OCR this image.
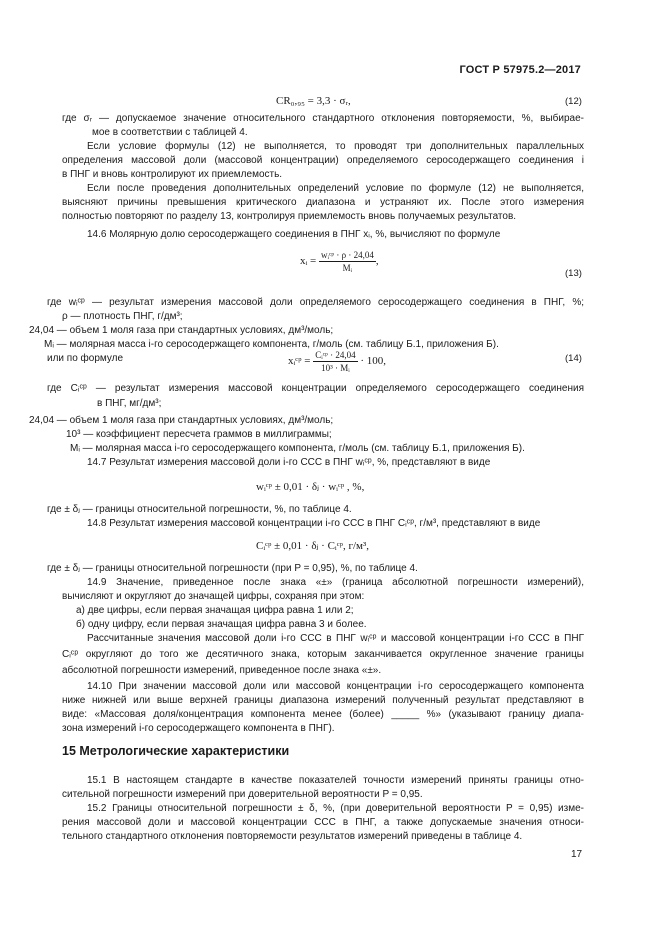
ГОСТ Р 57975.2—2017
CR₀,₉₅ = 3,3 · σᵣ,	(12)
где σᵣ — допускаемое значение относительного стандартного отклонения повторяемости, %, выбирае-
мое в соответствии с таблицей 4.
Если условие формулы (12) не выполняется, то проводят три дополнительных параллельных
определения массовой доли (массовой концентрации) определяемого серосодержащего соединения i
в ПНГ и вновь контролируют их приемлемость.
Если после проведения дополнительных определений условие по формуле (12) не выполняется,
выясняют причины превышения критического диапазона и устраняют их. После этого измерения
полностью повторяют по разделу 13, контролируя приемлемость вновь получаемых результатов.
14.6 Молярную долю серосодержащего соединения в ПНГ xᵢ, %, вычисляют по формуле
xᵢ = $\frac{\text{wᵢᶜᵖ · ρ · 24,04}}{\text{Mᵢ}}$ ,
(13)
где wᵢᶜᵖ — результат измерения массовой доли определяемого серосодержащего соединения в ПНГ, %;
ρ — плотность ПНГ, г/дм³;
24,04 — объем 1 моля газа при стандартных условиях, дм³/моль;
Mᵢ — молярная масса i-го серосодержащего компонента, г/моль (см. таблицу Б.1, приложения Б).
или по формуле	xᵢᶜᵖ = $\frac{\text{Cᵢᶜᵖ · 24,04}}{\text{10³ · Mᵢ}} \cdot 100$,	(14)
где Cᵢᶜᵖ — результат измерения массовой концентрации определяемого серосодержащего соединения
в ПНГ, мг/дм³;
24,04 — объем 1 моля газа при стандартных условиях, дм³/моль;
10³ — коэффициент пересчета граммов в миллиграммы;
Mᵢ — молярная масса i-го серосодержащего компонента, г/моль (см. таблицу Б.1, приложения Б).
14.7 Результат измерения массовой доли i-го ССС в ПНГ wᵢᶜᵖ, %, представляют в виде
wᵢᶜᵖ ± 0,01 · δⱼ · wᵢᶜᵖ , %,
где ± δⱼ — границы относительной погрешности, %, по таблице 4.
14.8 Результат измерения массовой концентрации i-го ССС в ПНГ Cᵢᶜᵖ, г/м³, представляют в виде
Cᵢᶜᵖ ± 0,01 · δⱼ · Cᵢᶜᵖ, г/м³,
где ± δⱼ — границы относительной погрешности (при P = 0,95), %, по таблице 4.
14.9 Значение, приведенное после знака «±» (граница абсолютной погрешности измерений),
вычисляют и округляют до значащей цифры, сохраняя при этом:
а) две цифры, если первая значащая цифра равна 1 или 2;
б) одну цифру, если первая значащая цифра равна 3 и более.
Рассчитанные значения массовой доли i-го ССС в ПНГ wᵢᶜᵖ и массовой концентрации i-го ССС в ПНГ
Cᵢᶜᵖ округляют до того же десятичного знака, которым заканчивается округленное значение границы
абсолютной погрешности измерений, приведенное после знака «±».
14.10 При значении массовой доли или массовой концентрации i-го серосодержащего компонента
ниже нижней или выше верхней границы диапазона измерений полученный результат представляют в
виде: «Массовая доля/концентрация компонента менее (более) _____ %» (указывают границу диапа-
зона измерений i-го серосодержащего компонента в ПНГ).
15 Метрологические характеристики
15.1 В настоящем стандарте в качестве показателей точности измерений приняты границы отно-
сительной погрешности измерений при доверительной вероятности P = 0,95.
15.2 Границы относительной погрешности ± δ, %, (при доверительной вероятности P = 0,95) изме-
рения массовой доли и массовой концентрации ССС в ПНГ, а также допускаемые значения относи-
тельного стандартного отклонения повторяемости результатов измерений приведены в таблице 4.
17
